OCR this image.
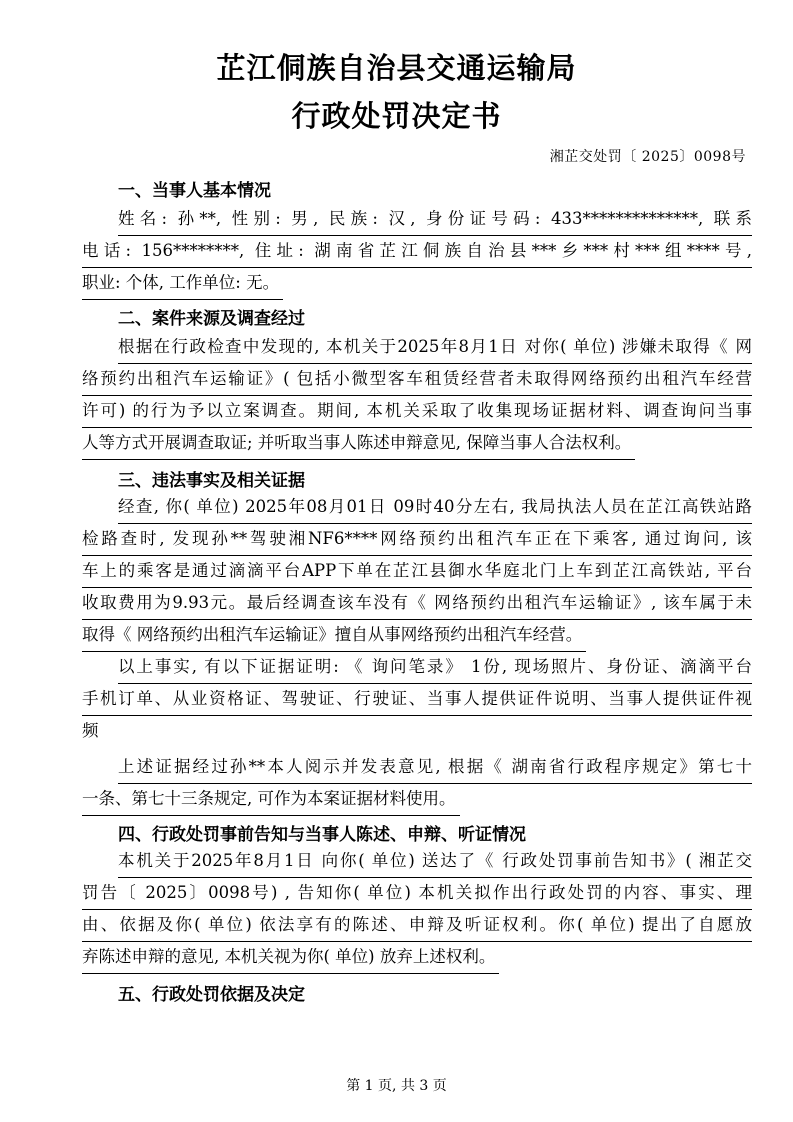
芷江侗族自治县交通运输局
行政处罚决定书
湘芷交处罚〔 2025〕0098号
一、当事人基本情况
姓名: 孙**, 性别: 男, 民族: 汉, 身份证号码: 433**************, 联系
电话: 156********, 住址: 湖南省芷江侗族自治县***乡***村***组****号,
职业: 个体, 工作单位: 无。
二、案件来源及调查经过
根据在行政检查中发现的, 本机关于2025年8月1日 对你( 单位) 涉嫌未取得《 网
络预约出租汽车运输证》( 包括小微型客车租赁经营者未取得网络预约出租汽车经营
许可) 的行为予以立案调查。期间, 本机关采取了收集现场证据材料、调查询问当事
人等方式开展调查取证; 并听取当事人陈述申辩意见, 保障当事人合法权利。
三、违法事实及相关证据
经查, 你( 单位) 2025年08月01日 09时40分左右, 我局执法人员在芷江高铁站路
检路查时, 发现孙**驾驶湘NF6****网络预约出租汽车正在下乘客, 通过询问, 该
车上的乘客是通过滴滴平台APP下单在芷江县御水华庭北门上车到芷江高铁站, 平台
收取费用为9.93元。最后经调查该车没有《 网络预约出租汽车运输证》, 该车属于未
取得《 网络预约出租汽车运输证》擅自从事网络预约出租汽车经营。
以上事实, 有以下证据证明: 《 询问笔录》 1份, 现场照片、身份证、滴滴平台
手机订单、从业资格证、驾驶证、行驶证、当事人提供证件说明、当事人提供证件视
频
上述证据经过孙**本人阅示并发表意见, 根据《 湖南省行政程序规定》第七十
一条、第七十三条规定, 可作为本案证据材料使用。
四、行政处罚事前告知与当事人陈述、申辩、听证情况
本机关于2025年8月1日 向你( 单位) 送达了《 行政处罚事前告知书》( 湘芷交
罚告〔 2025〕0098号) , 告知你( 单位) 本机关拟作出行政处罚的内容、事实、理
由、依据及你( 单位) 依法享有的陈述、申辩及听证权利。你( 单位) 提出了自愿放
弃陈述申辩的意见, 本机关视为你( 单位) 放弃上述权利。
五、行政处罚依据及决定
第 1 页, 共 3 页
